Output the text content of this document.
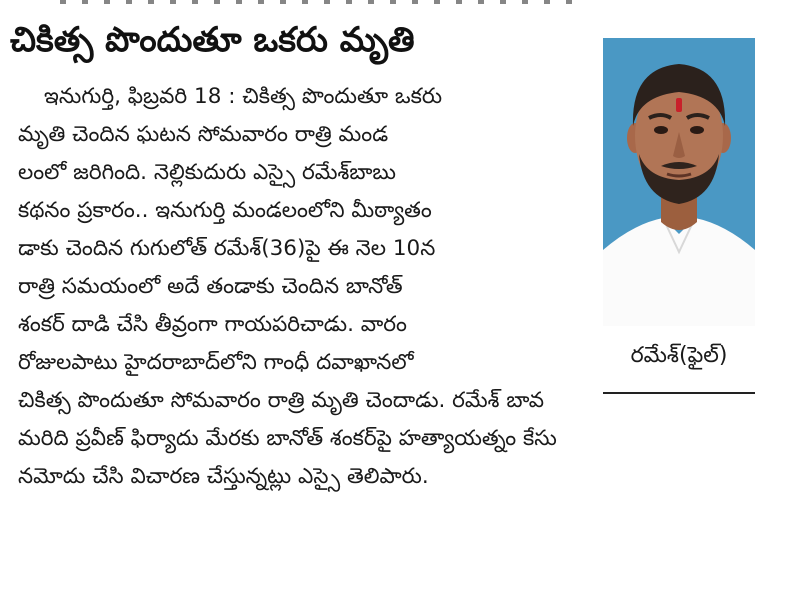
చికిత్స పొందుతూ ఒకరు మృతి
ఇనుగుర్తి, ఫిబ్రవరి 18 : చికిత్స పొందుతూ ఒకరు
మృతి చెందిన ఘటన సోమవారం రాత్రి మండ
లంలో జరిగింది. నెల్లికుదురు ఎస్సై రమేశ్‌బాబు
కథనం ప్రకారం.. ఇనుగుర్తి మండలంలోని మీఠ్యాతం
డాకు చెందిన గుగులోత్ రమేశ్(36)పై ఈ నెల 10న
రాత్రి సమయంలో అదే తండాకు చెందిన బానోత్
శంకర్ దాడి చేసి తీవ్రంగా గాయపరిచాడు. వారం
రోజులపాటు హైదరాబాద్‌లోని గాంధీ దవాఖానలో
చికిత్స పొందుతూ సోమవారం రాత్రి మృతి చెందాడు. రమేశ్ బావ
మరిది ప్రవీణ్ ఫిర్యాదు మేరకు బానోత్ శంకర్‌పై హత్యాయత్నం కేసు
నమోదు చేసి విచారణ చేస్తున్నట్లు ఎస్సై తెలిపారు.
రమేశ్(ఫైల్)
